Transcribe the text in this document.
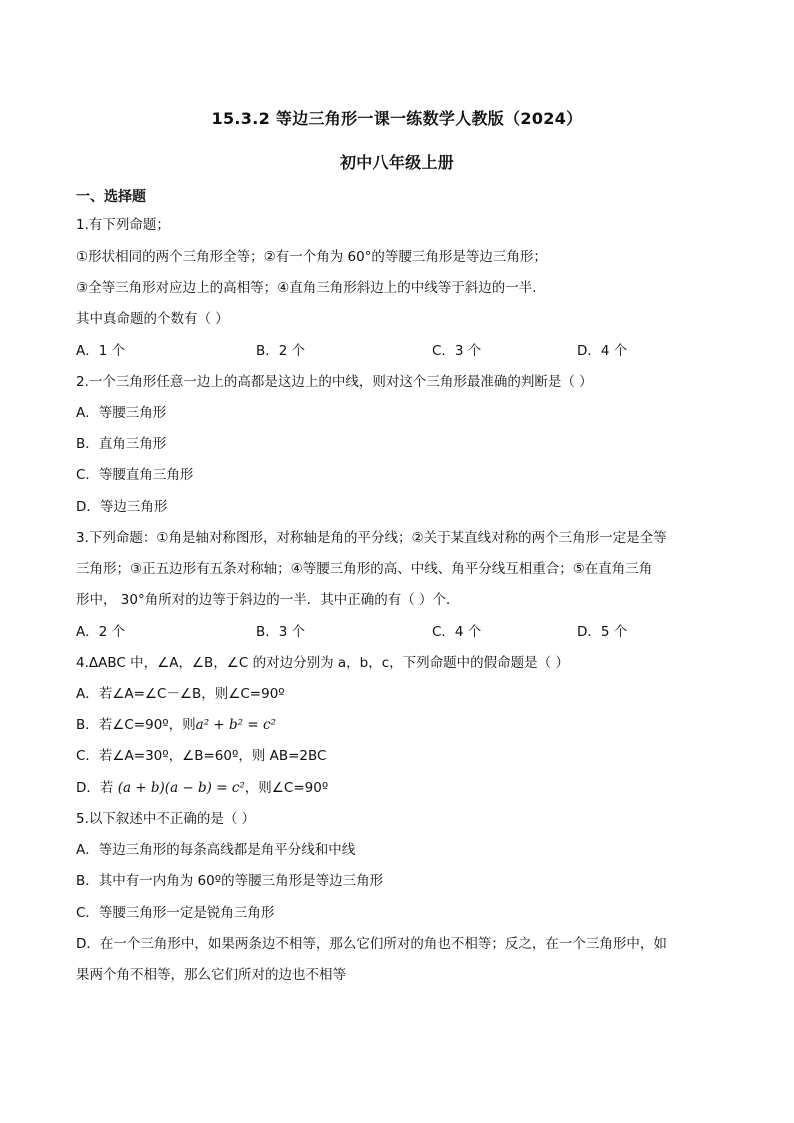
15.3.2 等边三角形一课一练数学人教版（2024）
初中八年级上册
一、选择题
1.有下列命题；
①形状相同的两个三角形全等；②有一个角为 60°的等腰三角形是等边三角形；
③全等三角形对应边上的高相等；④直角三角形斜边上的中线等于斜边的一半．
其中真命题的个数有（ ）
A．1 个	B．2 个	C．3 个	D．4 个
2.一个三角形任意一边上的高都是这边上的中线，则对这个三角形最准确的判断是（ ）
A．等腰三角形
B．直角三角形
C．等腰直角三角形
D．等边三角形
3.下列命题：①角是轴对称图形，对称轴是角的平分线；②关于某直线对称的两个三角形一定是全等
三角形；③正五边形有五条对称轴；④等腰三角形的高、中线、角平分线互相重合；⑤在直角三角
形中， 30°角所对的边等于斜边的一半．其中正确的有（ ）个．
A．2 个	B．3 个	C．4 个	D．5 个
4.ΔABC 中，∠A，∠B，∠C 的对边分别为 a，b，c，下列命题中的假命题是（ ）
A．若∠A=∠C－∠B，则∠C=90º
B．若∠C=90º，则a² + b² = c²
C．若∠A=30º，∠B=60º，则 AB=2BC
D．若 (a + b)(a − b) = c²，则∠C=90º
5.以下叙述中不正确的是（ ）
A．等边三角形的每条高线都是角平分线和中线
B．其中有一内角为 60º的等腰三角形是等边三角形
C．等腰三角形一定是锐角三角形
D．在一个三角形中，如果两条边不相等，那么它们所对的角也不相等；反之，在一个三角形中，如
果两个角不相等，那么它们所对的边也不相等
